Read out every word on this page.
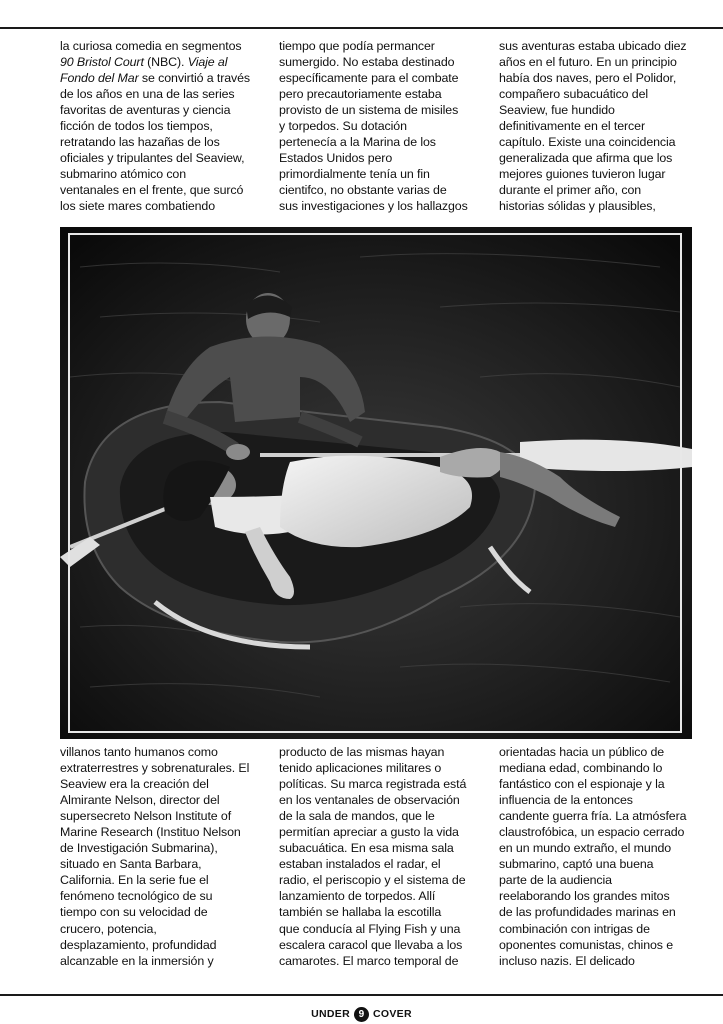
la curiosa comedia en segmentos
90 Bristol Court (NBC). Viaje al
Fondo del Mar se convirtió a través
de los años en una de las series
favoritas de aventuras y ciencia
ficción de todos los tiempos,
retratando las hazañas de los
oficiales y tripulantes del Seaview,
submarino atómico con
ventanales en el frente, que surcó
los siete mares combatiendo
tiempo que podía permancer
sumergido. No estaba destinado
específicamente para el combate
pero precautoriamente estaba
provisto de un sistema de misiles
y torpedos. Su dotación
pertenecía a la Marina de los
Estados Unidos pero
primordialmente tenía un fin
cientifco, no obstante varias de
sus investigaciones y los hallazgos
sus aventuras estaba ubicado diez
años en el futuro. En un principio
había dos naves, pero el Polidor,
compañero subacuático del
Seaview, fue hundido
definitivamente en el tercer
capítulo. Existe una coincidencia
generalizada que afirma que los
mejores guiones tuvieron lugar
durante el primer año, con
historias sólidas y plausibles,
villanos tanto humanos como
extraterrestres y sobrenaturales. El
Seaview era la creación del
Almirante Nelson, director del
supersecreto Nelson Institute of
Marine Research (Instituo Nelson
de Investigación Submarina),
situado en Santa Barbara,
California. En la serie fue el
fenómeno tecnológico de su
tiempo con su velocidad de
crucero, potencia,
desplazamiento, profundidad
alcanzable en la inmersión y
producto de las mismas hayan
tenido aplicaciones militares o
políticas. Su marca registrada está
en los ventanales de observación
de la sala de mandos, que le
permitían apreciar a gusto la vida
subacuática. En esa misma sala
estaban instalados el radar, el
radio, el periscopio y el sistema de
lanzamiento de torpedos. Allí
también se hallaba la escotilla
que conducía al Flying Fish y una
escalera caracol que llevaba a los
camarotes. El marco temporal de
orientadas hacia un público de
mediana edad, combinando lo
fantástico con el espionaje y la
influencia de la entonces
candente guerra fría. La atmósfera
claustrofóbica, un espacio cerrado
en un mundo extraño, el mundo
submarino, captó una buena
parte de la audiencia
reelaborando los grandes mitos
de las profundidades marinas en
combinación con intrigas de
oponentes comunistas, chinos e
incluso nazis. El delicado
UNDER 9 COVER
